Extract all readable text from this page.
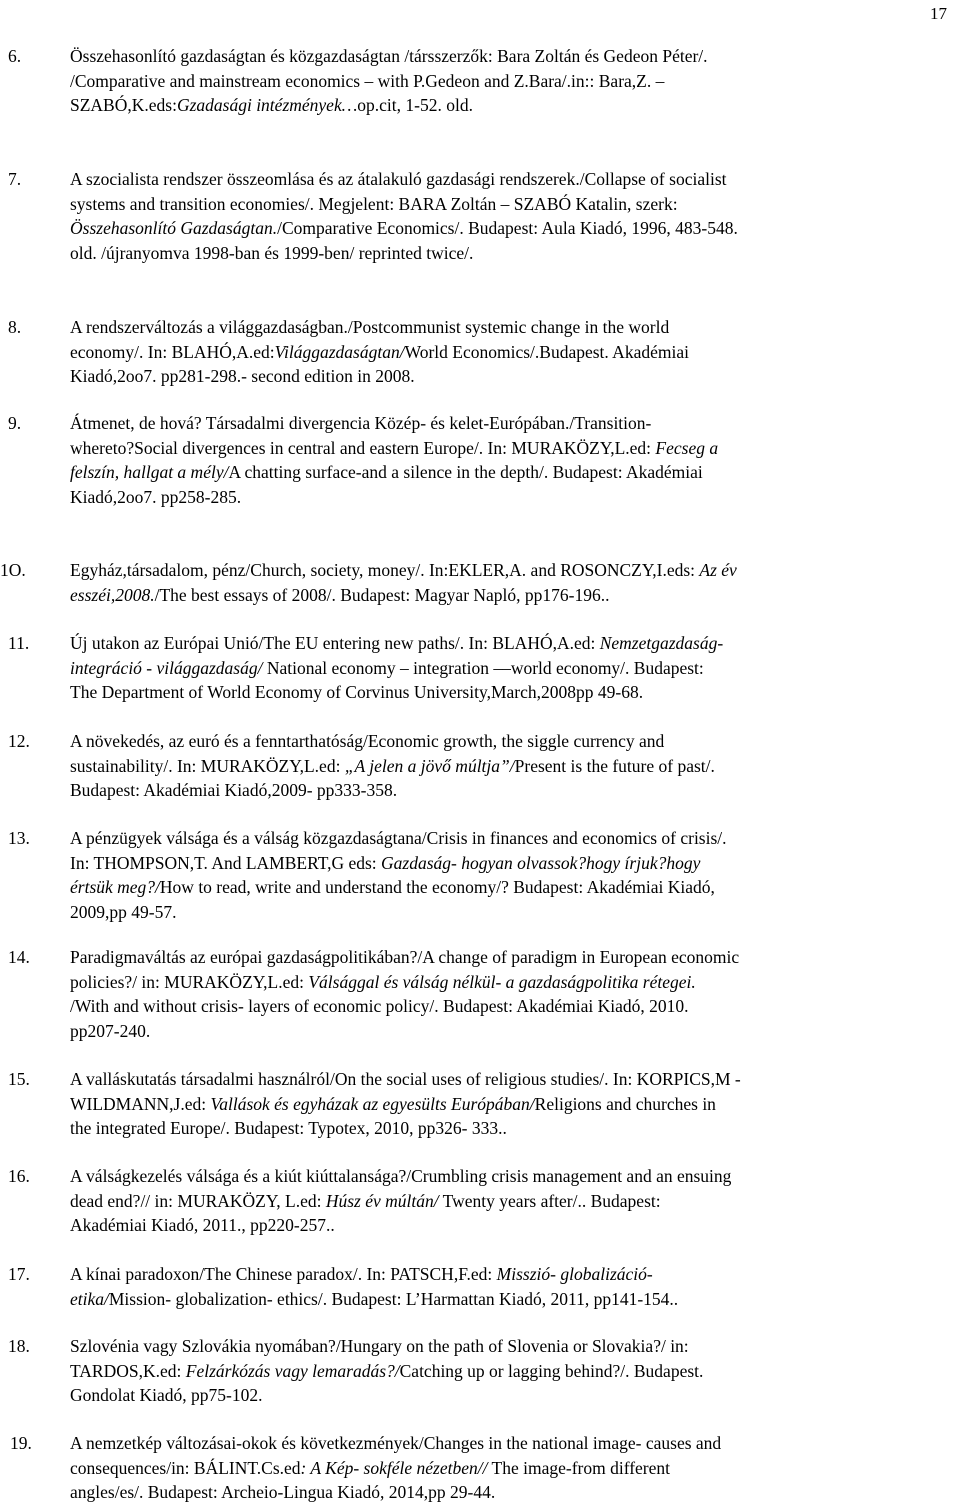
17
6.	Összehasonlító gazdaságtan és közgazdaságtan /társszerzők: Bara Zoltán és Gedeon Péter/.
/Comparative and mainstream economics – with P.Gedeon and Z.Bara/.in:: Bara,Z. –
SZABÓ,K.eds:Gzadasági intézmények…op.cit, 1-52. old.
7.	A szocialista rendszer összeomlása és az átalakuló gazdasági rendszerek./Collapse of socialist
systems and transition economies/. Megjelent: BARA Zoltán – SZABÓ Katalin, szerk:
Összehasonlító Gazdaságtan./Comparative Economics/. Budapest: Aula Kiadó, 1996, 483-548.
old. /újranyomva 1998-ban és 1999-ben/ reprinted twice/.
8.	A rendszerváltozás a világgazdaságban./Postcommunist systemic change in the world
economy/. In: BLAHÓ,A.ed:Világgazdaságtan/World Economics/.Budapest. Akadémiai
Kiadó,2oo7. pp281-298.- second edition in 2008.
9.	Átmenet, de hová? Társadalmi divergencia Közép- és kelet-Európában./Transition-
whereto?Social divergences in central and eastern Europe/. In: MURAKÖZY,L.ed: Fecseg a
felszín, hallgat a mély/A chatting surface-and a silence in the depth/. Budapest: Akadémiai
Kiadó,2oo7. pp258-285.
1O.	Egyház,társadalom, pénz/Church, society, money/. In:EKLER,A. and ROSONCZY,I.eds: Az év
esszéi,2008./The best essays of 2008/. Budapest: Magyar Napló, pp176-196..
11. Új utakon az Európai Unió/The EU entering new paths/. In: BLAHÓ,A.ed: Nemzetgazdaság-
integráció - világgazdaság/ National economy – integration ––world economy/. Budapest:
The Department of World Economy of Corvinus University,March,2008pp 49-68.
12. A növekedés, az euró és a fenntarthatóság/Economic growth, the siggle currency and
sustainability/. In: MURAKÖZY,L.ed: „A jelen a jövő múltja”/Present is the future of past/.
Budapest: Akadémiai Kiadó,2009- pp333-358.
13. A pénzügyek válsága és a válság közgazdaságtana/Crisis in finances and economics of crisis/.
In: THOMPSON,T. And LAMBERT,G eds: Gazdaság- hogyan olvassok?hogy írjuk?hogy
értsük meg?/How to read, write and understand the economy/? Budapest: Akadémiai Kiadó,
2009,pp 49-57.
14. Paradigmaváltás az európai gazdaságpolitikában?/A change of paradigm in European economic
policies?/ in: MURAKÖZY,L.ed: Válsággal és válság nélkül- a gazdaságpolitika rétegei.
/With and without crisis- layers of economic policy/. Budapest: Akadémiai Kiadó, 2010.
pp207-240.
15. A valláskutatás társadalmi használról/On the social uses of religious studies/. In: KORPICS,M -
WILDMANN,J.ed: Vallások és egyházak az egyesülts Európában/Religions and churches in
the integrated Europe/. Budapest: Typotex, 2010, pp326- 333..
16. A válságkezelés válsága és a kiút kiúttalansága?/Crumbling crisis management and an ensuing
dead end?// in: MURAKÖZY, L.ed: Húsz év múltán/ Twenty years after/.. Budapest:
Akadémiai Kiadó, 2011., pp220-257..
17. A kínai paradoxon/The Chinese paradox/. In: PATSCH,F.ed: Misszió- globalizáció-
etika/Mission- globalization- ethics/. Budapest: L’Harmattan Kiadó, 2011, pp141-154..
18. Szlovénia vagy Szlovákia nyomában?/Hungary on the path of Slovenia or Slovakia?/ in:
TARDOS,K.ed: Felzárkózás vagy lemaradás?/Catching up or lagging behind?/. Budapest.
Gondolat Kiadó, pp75-102.
19. A nemzetkép változásai-okok és következmények/Changes in the national image- causes and
consequences/in: BÁLINT.Cs.ed: A Kép- sokféle nézetben// The image-from different
angles/es/. Budapest: Archeio-Lingua Kiadó, 2014,pp 29-44.
